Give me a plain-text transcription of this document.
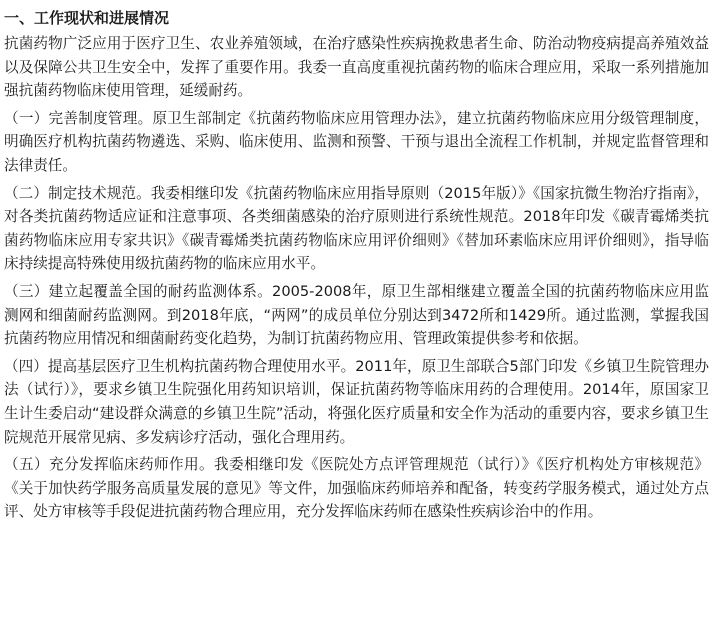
一、工作现状和进展情况

抗菌药物广泛应用于医疗卫生、农业养殖领域，在治疗感染性疾病挽救患者生命、防治动物疫病提高养殖效益以及保障公共卫生安全中，发挥了重要作用。我委一直高度重视抗菌药物的临床合理应用，采取一系列措施加强抗菌药物临床使用管理，延缓耐药。

（一）完善制度管理。原卫生部制定《抗菌药物临床应用管理办法》，建立抗菌药物临床应用分级管理制度，明确医疗机构抗菌药物遴选、采购、临床使用、监测和预警、干预与退出全流程工作机制，并规定监督管理和法律责任。

（二）制定技术规范。我委相继印发《抗菌药物临床应用指导原则（2015年版）》《国家抗微生物治疗指南》，对各类抗菌药物适应证和注意事项、各类细菌感染的治疗原则进行系统性规范。2018年印发《碳青霉烯类抗菌药物临床应用专家共识》《碳青霉烯类抗菌药物临床应用评价细则》《替加环素临床应用评价细则》，指导临床持续提高特殊使用级抗菌药物的临床应用水平。

（三）建立起覆盖全国的耐药监测体系。2005-2008年，原卫生部相继建立覆盖全国的抗菌药物临床应用监测网和细菌耐药监测网。到2018年底，“两网”的成员单位分别达到3472所和1429所。通过监测，掌握我国抗菌药物应用情况和细菌耐药变化趋势，为制订抗菌药物应用、管理政策提供参考和依据。

（四）提高基层医疗卫生机构抗菌药物合理使用水平。2011年，原卫生部联合5部门印发《乡镇卫生院管理办法（试行）》，要求乡镇卫生院强化用药知识培训，保证抗菌药物等临床用药的合理使用。2014年，原国家卫生计生委启动“建设群众满意的乡镇卫生院”活动，将强化医疗质量和安全作为活动的重要内容，要求乡镇卫生院规范开展常见病、多发病诊疗活动，强化合理用药。

（五）充分发挥临床药师作用。我委相继印发《医院处方点评管理规范（试行）》《医疗机构处方审核规范》《关于加快药学服务高质量发展的意见》等文件，加强临床药师培养和配备，转变药学服务模式，通过处方点评、处方审核等手段促进抗菌药物合理应用，充分发挥临床药师在感染性疾病诊治中的作用。
